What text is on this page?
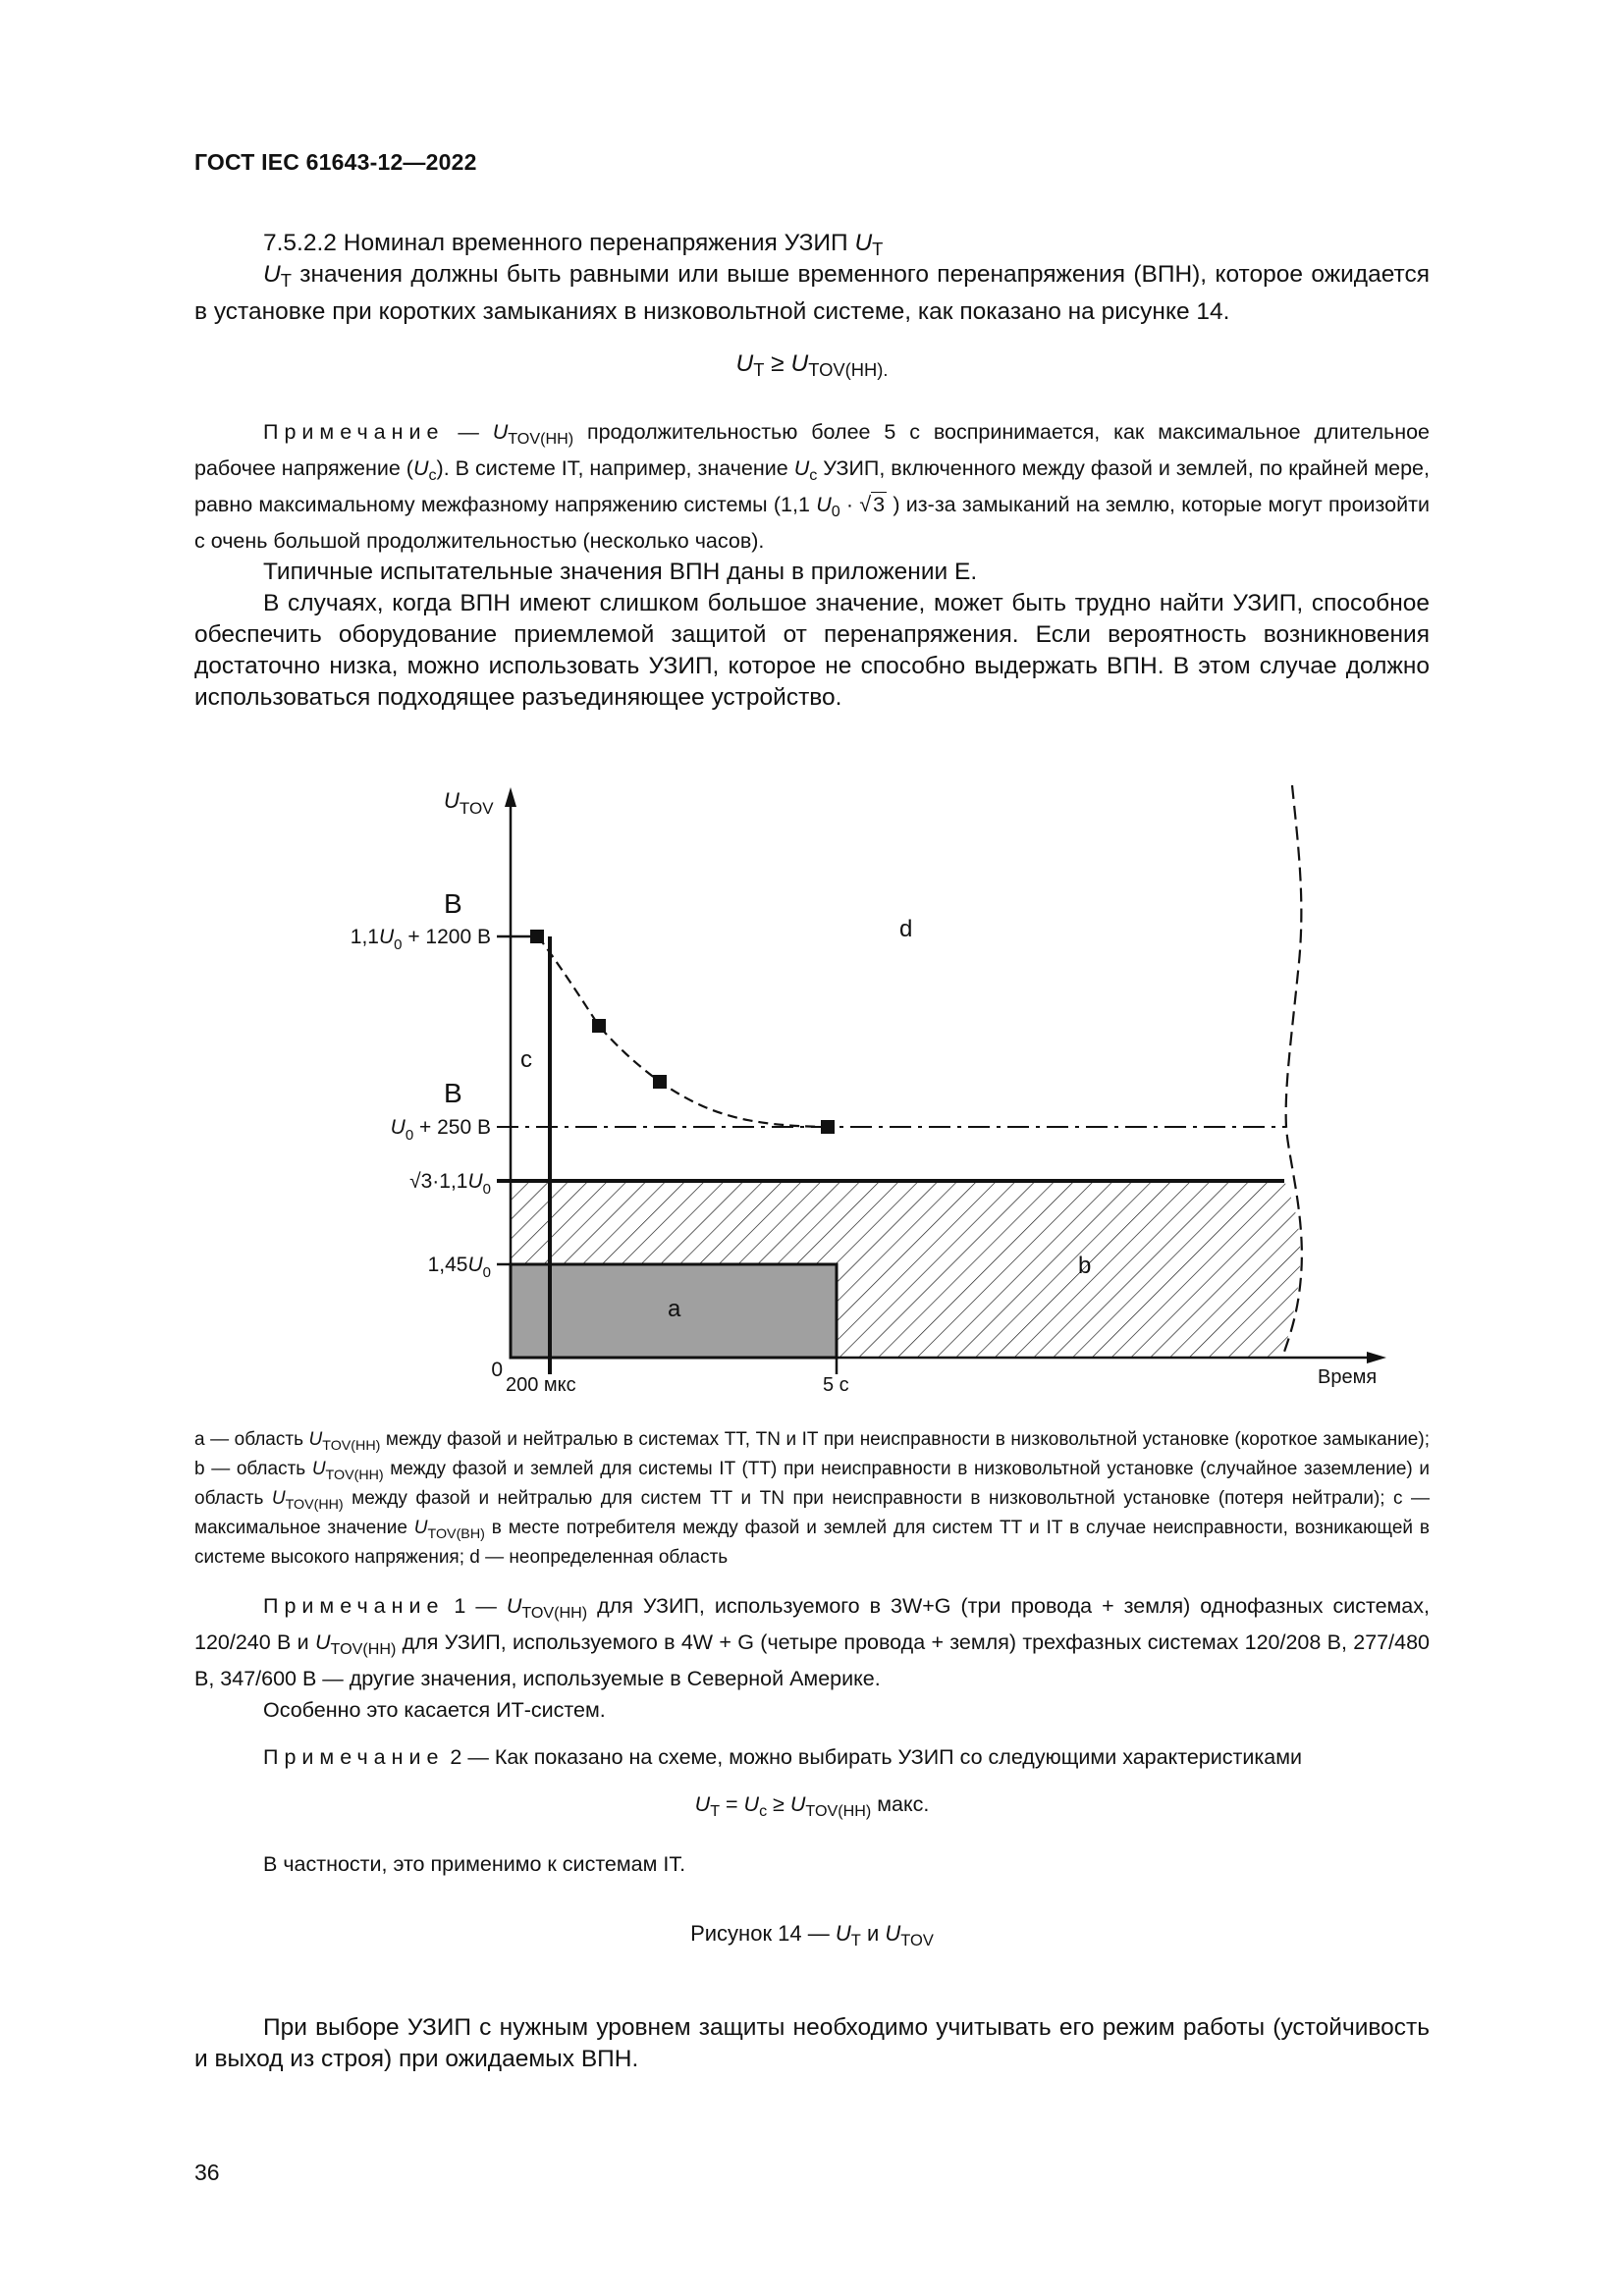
ГОСТ IEC 61643-12—2022
7.5.2.2 Номинал временного перенапряжения УЗИП $U_T$
$U_T$ значения должны быть равными или выше временного перенапряжения (ВПН), которое ожидается в установке при коротких замыканиях в низковольтной системе, как показано на рисунке 14.
$U_T \ge U_{TOV(HH).}$
Примечание — $U_{TOV(HH)}$ продолжительностью более 5 с воспринимается, как максимальное длительное рабочее напряжение $(U_c)$. В системе IT, например, значение $U_c$ УЗИП, включенного между фазой и землей, по крайней мере, равно максимальному межфазному напряжению системы (1,1 $U_0 \cdot √3$ ) из-за замыканий на землю, которые могут произойти с очень большой продолжительностью (несколько часов).
Типичные испытательные значения ВПН даны в приложении Е.
В случаях, когда ВПН имеют слишком большое значение, может быть трудно найти УЗИП, способное обеспечить оборудование приемлемой защитой от перенапряжения. Если вероятность возникновения достаточно низка, можно использовать УЗИП, которое не способно выдержать ВПН. В этом случае должно использоваться подходящее разъединяющее устройство.
$U_{TOV}$
Время
$1,1U_0 + 1200$ В
$U_0 + 250$ В
$√3\cdot 1,1U_0$
$1,45U_0$
0
В
В
200 мкс	5 с
a
b
c
d
a — область $U_{TOV(HH)}$ между фазой и нейтралью в системах ТТ, TN и IT при неисправности в низковольтной установке (короткое замыкание); b — область $U_{TOV(HH)}$ между фазой и землей для системы IT (ТТ) при неисправности в низковольтной установке (случайное заземление) и область $U_{TOV(HH)}$ между фазой и нейтралью для систем ТТ и TN при неисправности в низковольтной установке (потеря нейтрали); с — максимальное значение $U_{TOV(BH)}$ в месте потребителя между фазой и землей для систем ТТ и IT в случае неисправности, возникающей в системе высокого напряжения; d — неопределенная область
Примечание 1 — $U_{TOV(HH)}$ для УЗИП, используемого в 3W+G (три провода + земля) однофазных системах, 120/240 В и $U_{TOV(HH)}$ для УЗИП, используемого в 4W + G (четыре провода + земля) трехфазных системах 120/208 В, 277/480 В, 347/600 В — другие значения, используемые в Северной Америке.
Особенно это касается ИТ-систем.
Примечание 2 — Как показано на схеме, можно выбирать УЗИП со следующими характеристиками
$U_T = U_c \ge U_{TOV(HH)}$ макс.
В частности, это применимо к системам IT.
Рисунок 14 — $U_T$ и $U_{TOV}$
При выборе УЗИП с нужным уровнем защиты необходимо учитывать его режим работы (устойчивость и выход из строя) при ожидаемых ВПН.
36
